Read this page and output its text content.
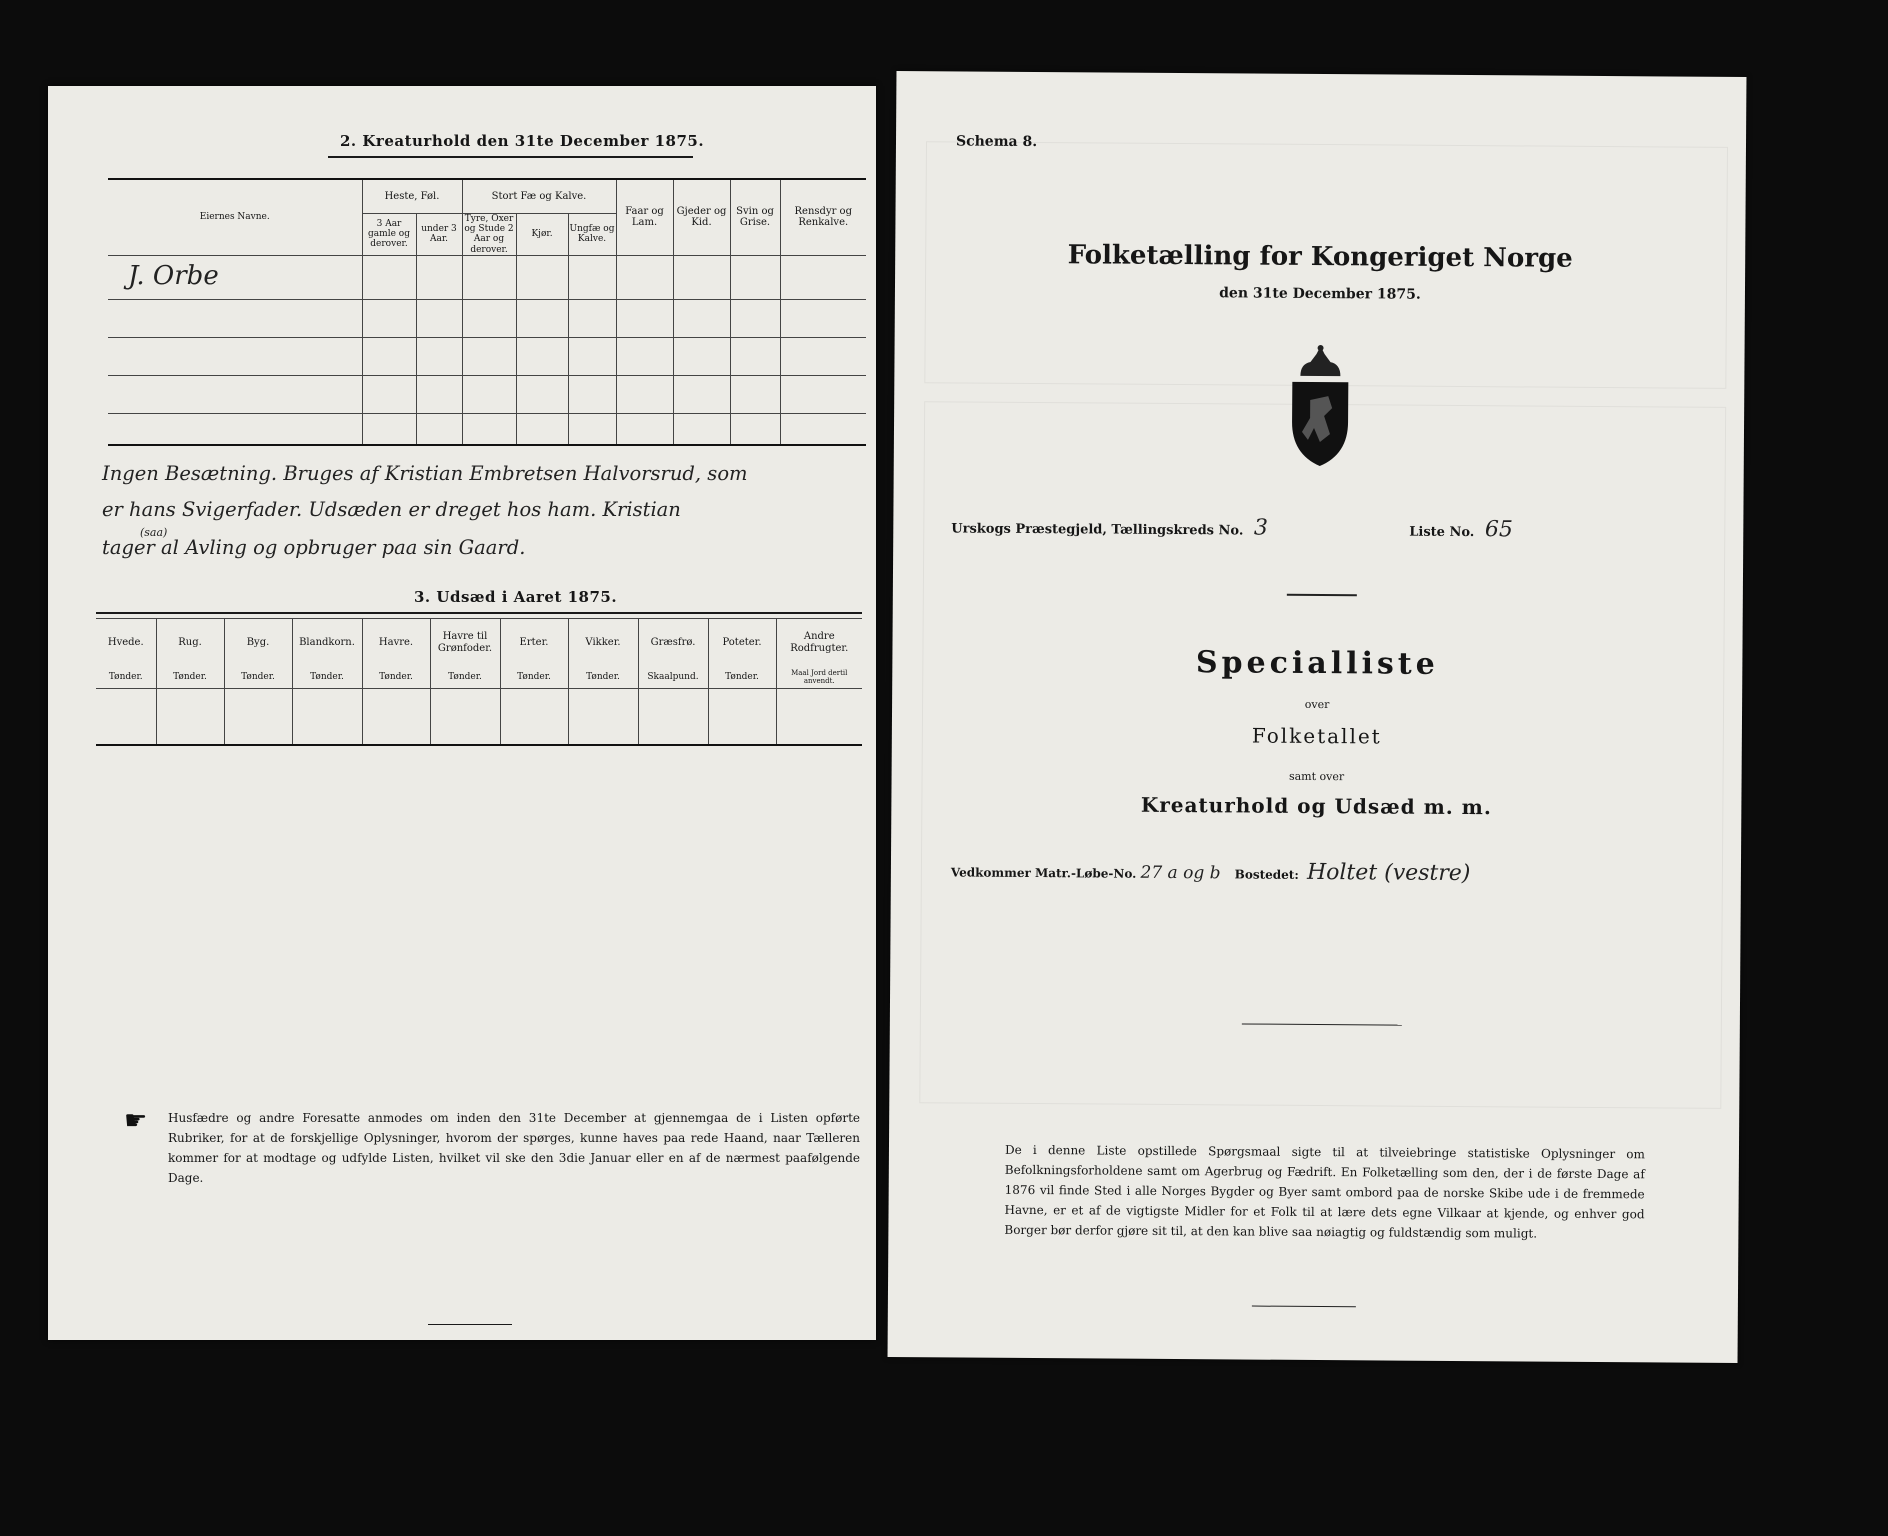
2. Kreaturhold den 31te December 1875.
Eiernes Navne.	Heste, Føl.		Stort Fæ og Kalve.			Faar og Lam.	Gjeder og Kid.	Svin og Grise.	Rensdyr og Renkalve.
	3 Aar gamle og derover.	under 3 Aar.	Tyre, Oxer og Stude 2 Aar og derover.	Kjør.	Ungfæ og Kalve.				
J. Orbe									

Ingen Besætning. Bruges af Kristian Embretsen Halvorsrud, som
er hans Svigerfader. Udsæden er dreget hos ham. Kristian
(saa)
tager al Avling og opbruger paa sin Gaard.
3. Udsæd i Aaret 1875.
Hvede.	Rug.	Byg.	Blandkorn.	Havre.	Havre til Grønfoder.	Erter.	Vikker.	Græsfrø.	Poteter.	Andre Rodfrugter.
Tønder.	Tønder.	Tønder.	Tønder.	Tønder.	Tønder.	Tønder.	Tønder.	Skaalpund.	Tønder.	Maal Jord dertil anvendt.

☛ Husfædre og andre Foresatte anmodes om inden den 31te December at gjennemgaa de i Listen opførte Rubriker, for at de forskjellige Oplysninger, hvorom der spørges, kunne haves paa rede Haand, naar Tælleren kommer for at modtage og udfylde Listen, hvilket vil ske den 3die Januar eller en af de nærmest paafølgende Dage.
Schema 8.
Folketælling for Kongeriget Norge
den 31te December 1875.
Urskogs Præstegjeld, Tællingskreds No. 3	Liste No. 65
Specialliste
over
Folketallet
samt over
Kreaturhold og Udsæd m. m.
Vedkommer Matr.-Løbe-No. 27 a og b Bostedet: Holtet (vestre)
De i denne Liste opstillede Spørgsmaal sigte til at tilveiebringe statistiske Oplysninger om Befolkningsforholdene samt om Agerbrug og Fædrift. En Folketælling som den, der i de første Dage af 1876 vil finde Sted i alle Norges Bygder og Byer samt ombord paa de norske Skibe ude i de fremmede Havne, er et af de vigtigste Midler for et Folk til at lære dets egne Vilkaar at kjende, og enhver god Borger bør derfor gjøre sit til, at den kan blive saa nøiagtig og fuldstændig som muligt.
